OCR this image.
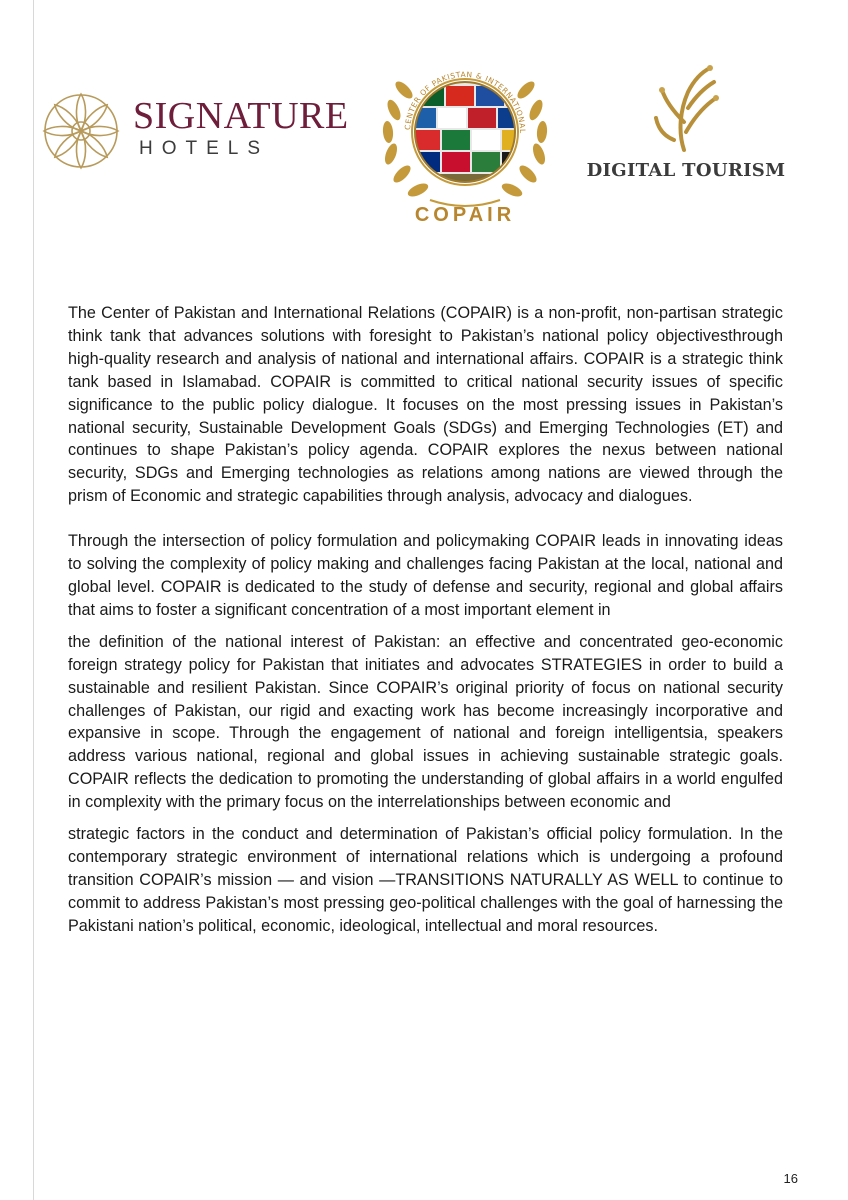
SIGNATURE
HOTELS
CENTER OF PAKISTAN & INTERNATIONAL
COPAIR
DIGITAL TOURISM

The Center of Pakistan and International Relations (COPAIR) is a non-profit, non-partisan strategic think tank that advances solutions with foresight to Pakistan’s national policy objectivesthrough high-quality research and analysis of national and international affairs. COPAIR is a strategic think tank based in Islamabad. COPAIR is committed to critical national security issues of specific significance to the public policy dialogue. It focuses on the most pressing issues in Pakistan’s national security, Sustainable Development Goals (SDGs) and Emerging Technologies (ET) and continues to shape Pakistan’s policy agenda. COPAIR explores the nexus between national security, SDGs and Emerging technologies as relations among nations are viewed through the prism of Economic and strategic capabilities through analysis, advocacy and dialogues.

Through the intersection of policy formulation and policymaking COPAIR leads in innovating ideas to solving the complexity of policy making and challenges facing Pakistan at the local, national and global level. COPAIR is dedicated to the study of defense and security, regional and global affairs that aims to foster a significant concentration of a most important element in

the definition of the national interest of Pakistan: an effective and concentrated geo-economic foreign strategy policy for Pakistan that initiates and advocates STRATEGIES in order to build a sustainable and resilient Pakistan. Since COPAIR’s original priority of focus on national security challenges of Pakistan, our rigid and exacting work has become increasingly incorporative and expansive in scope. Through the engagement of national and foreign intelligentsia, speakers address various national, regional and global issues in achieving sustainable strategic goals. COPAIR reflects the dedication to promoting the understanding of global affairs in a world engulfed in complexity with the primary focus on the interrelationships between economic and

strategic factors in the conduct and determination of Pakistan’s official policy formulation. In the contemporary strategic environment of international relations which is undergoing a profound transition COPAIR’s mission — and vision —TRANSITIONS NATURALLY AS WELL to continue to commit to address Pakistan’s most pressing geo-political challenges with the goal of harnessing the Pakistani nation’s political, economic, ideological, intellectual and moral resources.

16
